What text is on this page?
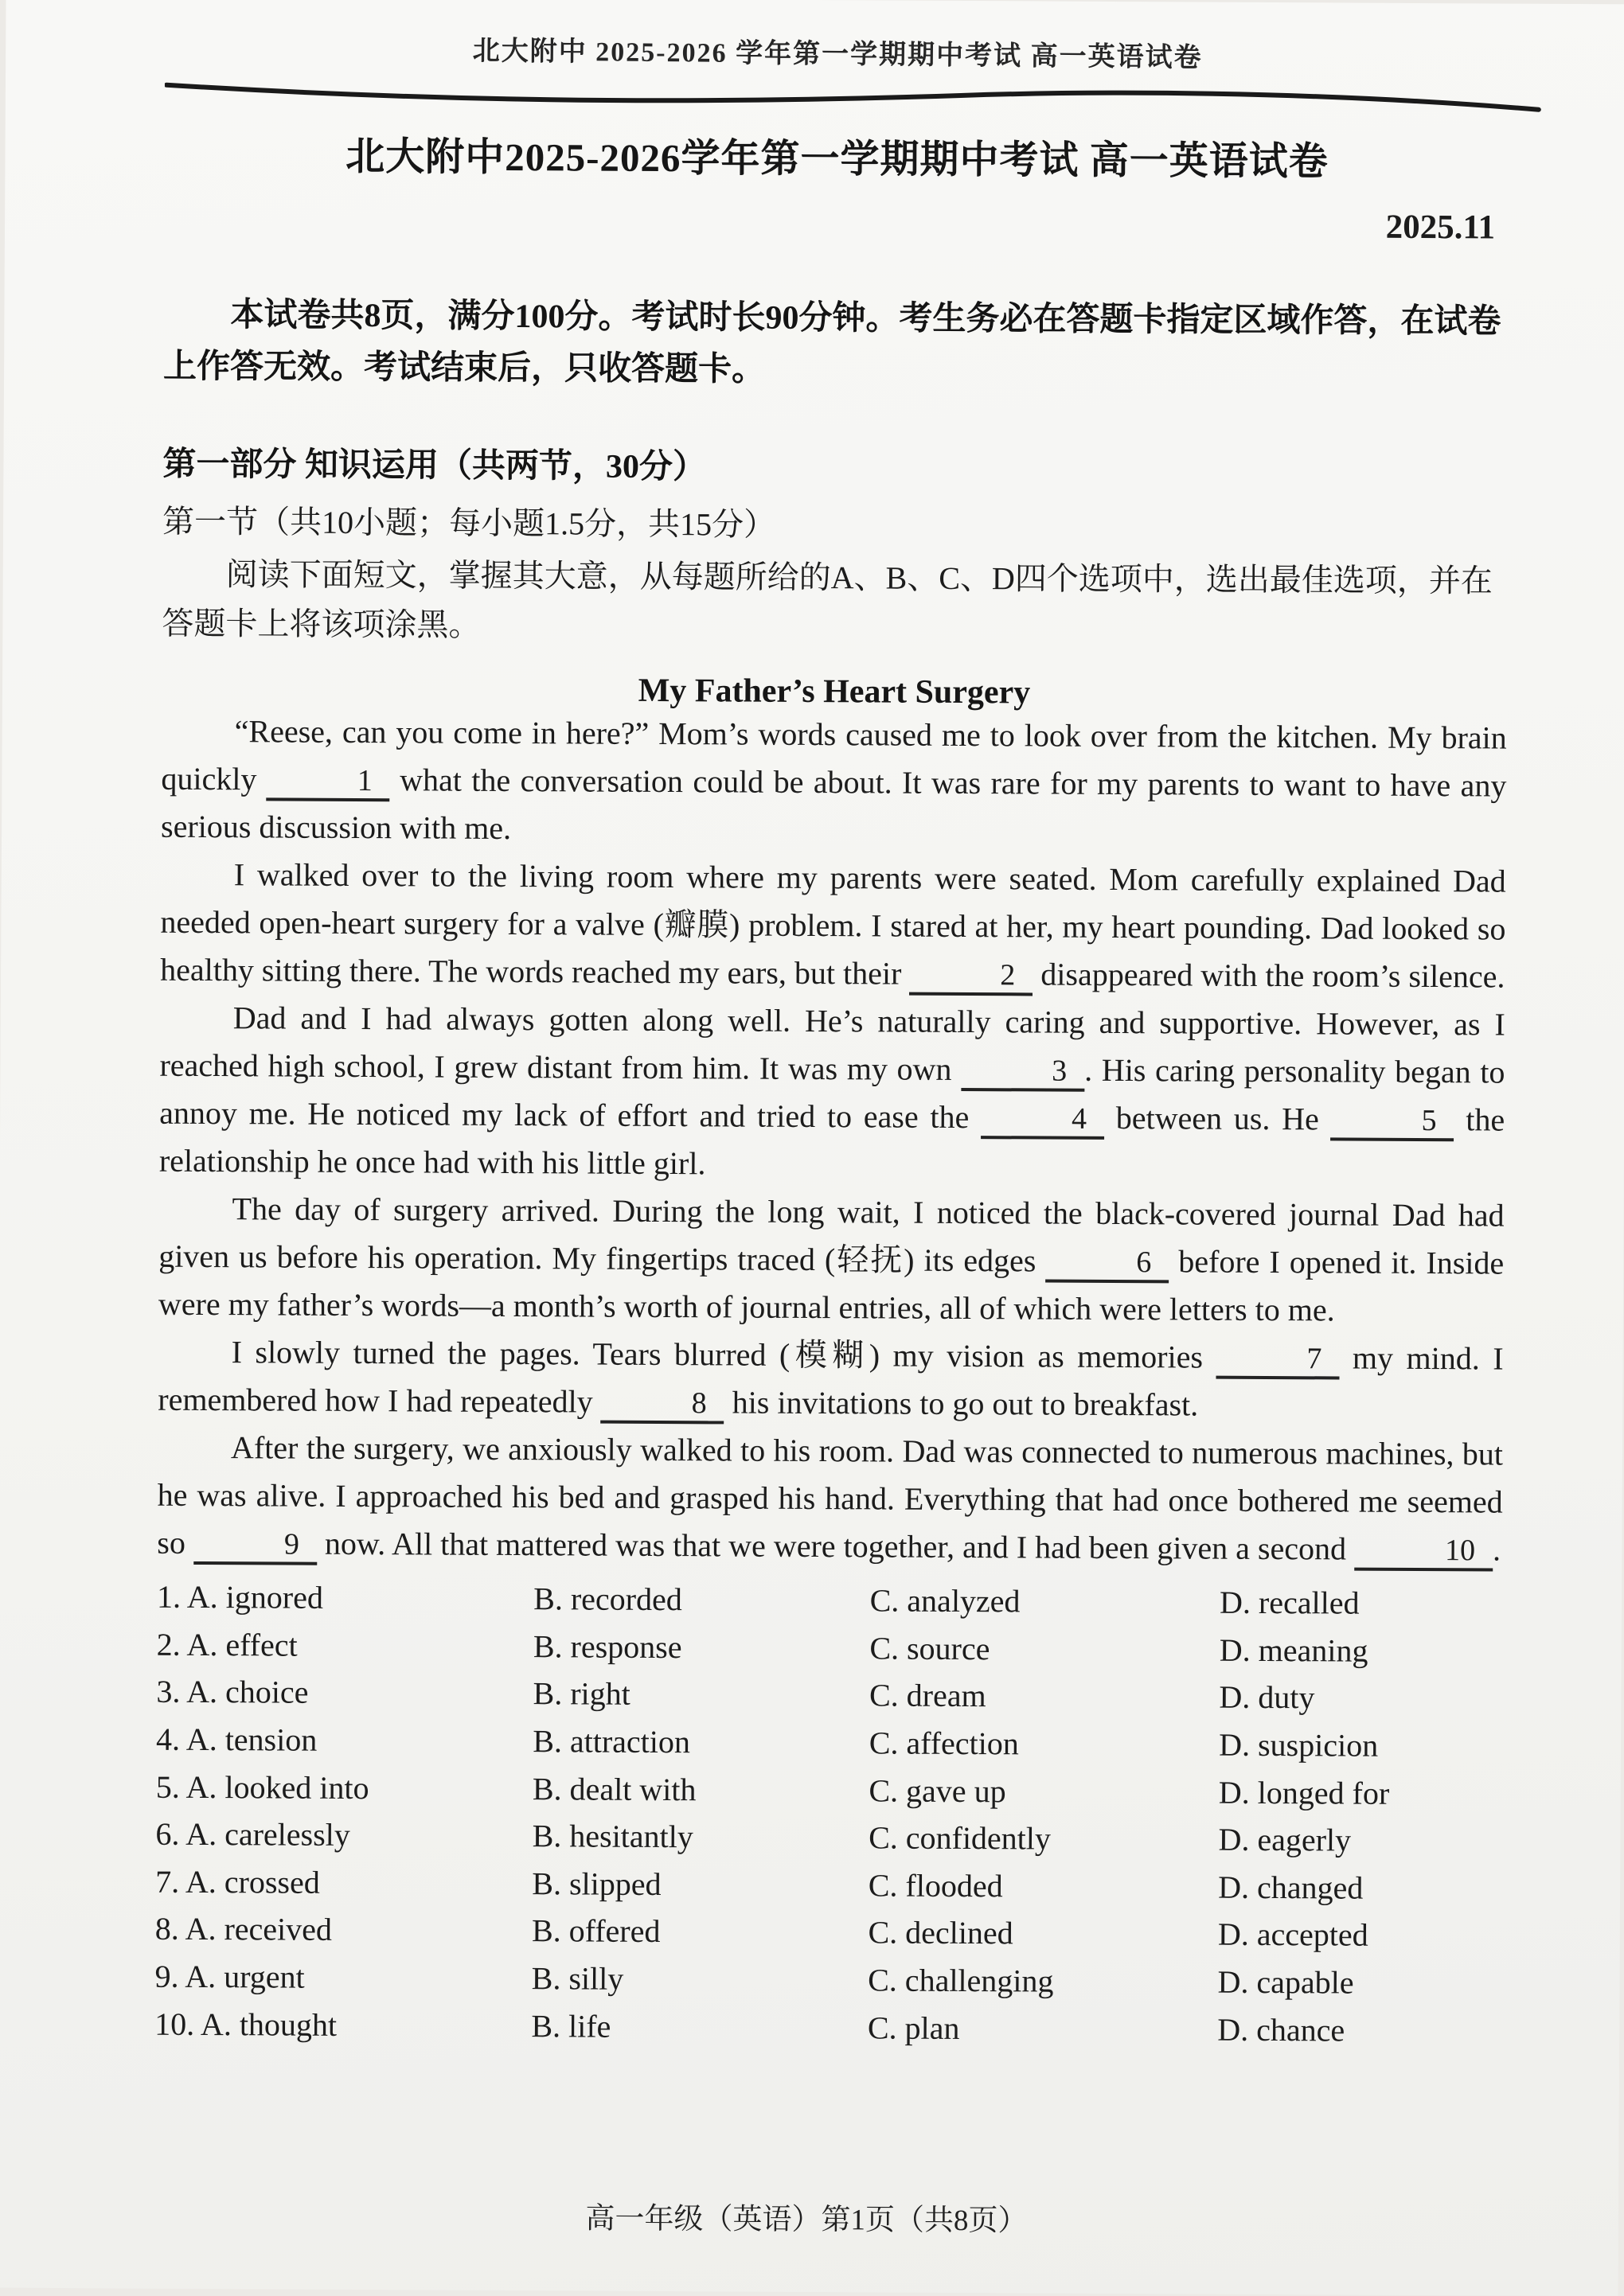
北大附中 2025-2026 学年第一学期期中考试 高一英语试卷
北大附中2025-2026学年第一学期期中考试 高一英语试卷
2025.11
本试卷共8页，满分100分。考试时长90分钟。考生务必在答题卡指定区域作答，在试卷上作答无效。考试结束后，只收答题卡。
第一部分 知识运用（共两节，30分）
第一节（共10小题；每小题1.5分，共15分）
阅读下面短文，掌握其大意，从每题所给的A、B、C、D四个选项中，选出最佳选项，并在答题卡上将该项涂黑。
My Father’s Heart Surgery

“Reese, can you come in here?” Mom’s words caused me to look over from the kitchen. My brain quickly	1 what the conversation could be about. It was rare for my parents to want to have any serious discussion with me.

I walked over to the living room where my parents were seated. Mom carefully explained Dad needed open-heart surgery for a valve (瓣膜) problem. I stared at her, my heart pounding. Dad looked so healthy sitting there. The words reached my ears, but their	2 disappeared with the room’s silence.

Dad and I had always gotten along well. He’s naturally caring and supportive. However, as I reached high school, I grew distant from him. It was my own	3 . His caring personality began to annoy me. He noticed my lack of effort and tried to ease the	4 between us. He	5 the relationship he once had with his little girl.

The day of surgery arrived. During the long wait, I noticed the black-covered journal Dad had given us before his operation. My fingertips traced (轻抚) its edges	6 before I opened it. Inside were my father’s words—a month’s worth of journal entries, all of which were letters to me.

I slowly turned the pages. Tears blurred (模糊) my vision as memories	7 my mind. I remembered how I had repeatedly	8 his invitations to go out to breakfast.

After the surgery, we anxiously walked to his room. Dad was connected to numerous machines, but he was alive. I approached his bed and grasped his hand. Everything that had once bothered me seemed so	9 now. All that mattered was that we were together, and I had been given a second	10 .

1. A. ignored	B. recorded	C. analyzed	D. recalled
2. A. effect	B. response	C. source	D. meaning
3. A. choice	B. right	C. dream	D. duty
4. A. tension	B. attraction	C. affection	D. suspicion
5. A. looked into	B. dealt with	C. gave up	D. longed for
6. A. carelessly	B. hesitantly	C. confidently	D. eagerly
7. A. crossed	B. slipped	C. flooded	D. changed
8. A. received	B. offered	C. declined	D. accepted
9. A. urgent	B. silly	C. challenging	D. capable
10. A. thought	B. life	C. plan	D. chance
高一年级（英语）第1页（共8页）
